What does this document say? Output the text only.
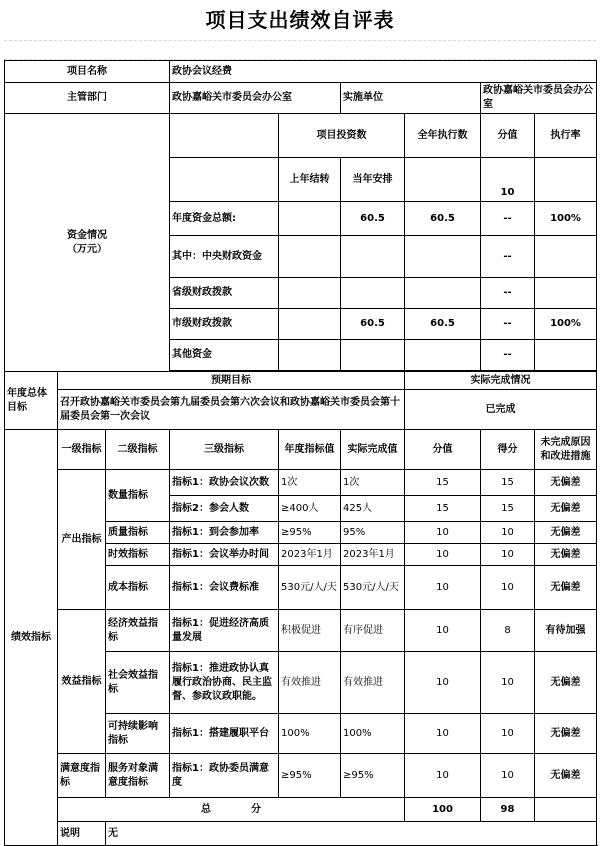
项目支出绩效自评表
项目名称			政协会议经费						
主管部门			政协嘉峪关市委员会办公室		实施单位		政协嘉峪关市委员会办公室		
资金情况
（万元）				项目投资数		全年执行数	分值	执行率	
				上年结转	当年安排		10		
			年度资金总额:		60.5	60.5	--	100%	
			其中：中央财政资金				--		
			省级财政拨款				--		
			市级财政拨款		60.5	60.5	--	100%	
			其他资金				--		

年度总体目标	预期目标					实际完成情况			
	召开政协嘉峪关市委员会第九届委员会第六次会议和政协嘉峪关市委员会第十届委员会第一次会议					已完成			
绩效指标	一级指标	二级指标	三级指标	年度指标值	实际完成值	分值	得分	未完成原因和改进措施	
	产出指标	数量指标	指标1：政协会议次数	1次	1次	15	15	无偏差	
			指标2：参会人数	≥400人	425人	15	15	无偏差	
		质量指标	指标1：到会参加率	≥95%	95%	10	10	无偏差	
		时效指标	指标1：会议举办时间	2023年1月	2023年1月	10	10	无偏差	
		成本指标	指标1：会议费标准	530元/人/天	530元/人/天	10	10	无偏差	
	效益指标	经济效益指标	指标1：促进经济高质量发展	积极促进	有序促进	10	8	有待加强	
		社会效益指标	指标1：推进政协认真履行政治协商、民主监督、参政议政职能。	有效推进	有效推进	10	10	无偏差	
		可持续影响指标	指标1：搭建履职平台	100%	100%	10	10	无偏差	
	满意度指标	服务对象满意度指标	指标1：政协委员满意度	≥95%	≥95%	10	10	无偏差	
	总　　　　分					100	98		
	说明	无							
